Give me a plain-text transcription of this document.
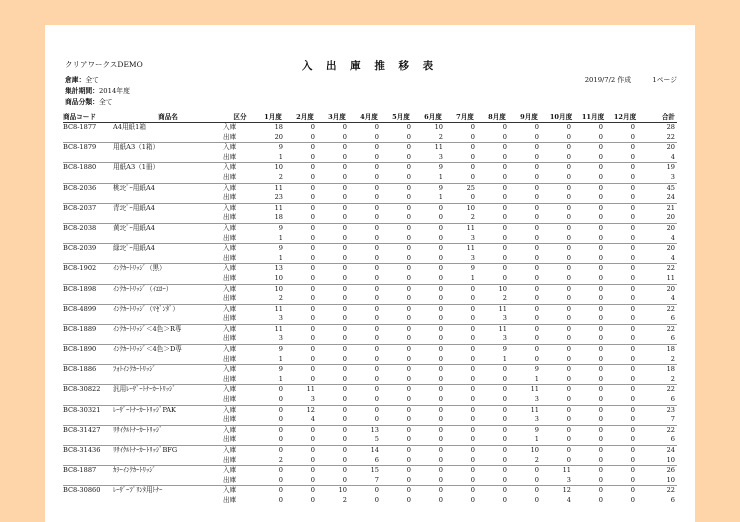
クリアワークスDEMO	入 出 庫 推 移 表
2019/7/2 作成	1ページ
倉庫：全て
集計期間：2014年度
商品分類：全て
商品コード	商品名	区分	1月度	2月度	3月度	4月度	5月度	6月度	7月度	8月度	9月度	10月度	11月度	12月度	合計
BC8-1877	A4用紙1箱	入庫	18	0	0	0	0	10	0	0	0	0	0	0	28
		出庫	20	0	0	0	0	2	0	0	0	0	0	0	22
BC8-1879	用紙A3（1箱）	入庫	9	0	0	0	0	11	0	0	0	0	0	0	20
		出庫	1	0	0	0	0	3	0	0	0	0	0	0	4
BC8-1880	用紙A3（1冊）	入庫	10	0	0	0	0	9	0	0	0	0	0	0	19
		出庫	2	0	0	0	0	1	0	0	0	0	0	0	3
BC8-2036	桃ｺﾋﾟｰ用紙A4	入庫	11	0	0	0	0	9	25	0	0	0	0	0	45
		出庫	23	0	0	0	0	1	0	0	0	0	0	0	24
BC8-2037	青ｺﾋﾟｰ用紙A4	入庫	11	0	0	0	0	0	10	0	0	0	0	0	21
		出庫	18	0	0	0	0	0	2	0	0	0	0	0	20
BC8-2038	黄ｺﾋﾟｰ用紙A4	入庫	9	0	0	0	0	0	11	0	0	0	0	0	20
		出庫	1	0	0	0	0	0	3	0	0	0	0	0	4
BC8-2039	緑ｺﾋﾟｰ用紙A4	入庫	9	0	0	0	0	0	11	0	0	0	0	0	20
		出庫	1	0	0	0	0	0	3	0	0	0	0	0	4
BC8-1902	ｲﾝｸｶｰﾄﾘｯｼﾞ（黒）	入庫	13	0	0	0	0	0	9	0	0	0	0	0	22
		出庫	10	0	0	0	0	0	1	0	0	0	0	0	11
BC8-1898	ｲﾝｸｶｰﾄﾘｯｼﾞ（ｲｴﾛｰ）	入庫	10	0	0	0	0	0	0	10	0	0	0	0	20
		出庫	2	0	0	0	0	0	0	2	0	0	0	0	4
BC8-4899	ｲﾝｸｶｰﾄﾘｯｼﾞ（ﾏｾﾞﾝﾀﾞ）	入庫	11	0	0	0	0	0	0	11	0	0	0	0	22
		出庫	3	0	0	0	0	0	0	3	0	0	0	0	6
BC8-1889	ｲﾝｸｶｰﾄﾘｯｼﾞ＜4色＞R専	入庫	11	0	0	0	0	0	0	11	0	0	0	0	22
		出庫	3	0	0	0	0	0	0	3	0	0	0	0	6
BC8-1890	ｲﾝｸｶｰﾄﾘｯｼﾞ＜4色＞D専	入庫	9	0	0	0	0	0	0	9	0	0	0	0	18
		出庫	1	0	0	0	0	0	0	1	0	0	0	0	2
BC8-1886	ﾌｫﾄｲﾝｸｶｰﾄﾘｯｼﾞ	入庫	9	0	0	0	0	0	0	0	9	0	0	0	18
		出庫	1	0	0	0	0	0	0	0	1	0	0	0	2
BC8-30822	汎用ﾚｰｻﾞｰﾄﾅｰｶｰﾄﾘｯｼﾞ	入庫	0	11	0	0	0	0	0	0	11	0	0	0	22
		出庫	0	3	0	0	0	0	0	0	3	0	0	0	6
BC8-30321	ﾚｰｻﾞｰﾄﾅｰｶｰﾄﾘｯｼﾞPAK	入庫	0	12	0	0	0	0	0	0	11	0	0	0	23
		出庫	0	4	0	0	0	0	0	0	3	0	0	0	7
BC8-31427	ﾘｻｲｸﾙﾄﾅｰｶｰﾄﾘｯｼﾞ	入庫	0	0	0	13	0	0	0	0	9	0	0	0	22
		出庫	0	0	0	5	0	0	0	0	1	0	0	0	6
BC8-31436	ﾘｻｲｸﾙﾄﾅｰｶｰﾄﾘｯｼﾞBFG	入庫	0	0	0	14	0	0	0	0	10	0	0	0	24
		出庫	2	0	0	6	0	0	0	0	2	0	0	0	10
BC8-1887	ｶﾗｰｲﾝｸｶｰﾄﾘｯｼﾞ	入庫	0	0	0	15	0	0	0	0	0	11	0	0	26
		出庫	0	0	0	7	0	0	0	0	0	3	0	0	10
BC8-30860	ﾚｰｻﾞｰﾌﾟﾘﾝﾀ用ﾄﾅｰ	入庫	0	0	10	0	0	0	0	0	0	12	0	0	22
		出庫	0	0	2	0	0	0	0	0	0	4	0	0	6
